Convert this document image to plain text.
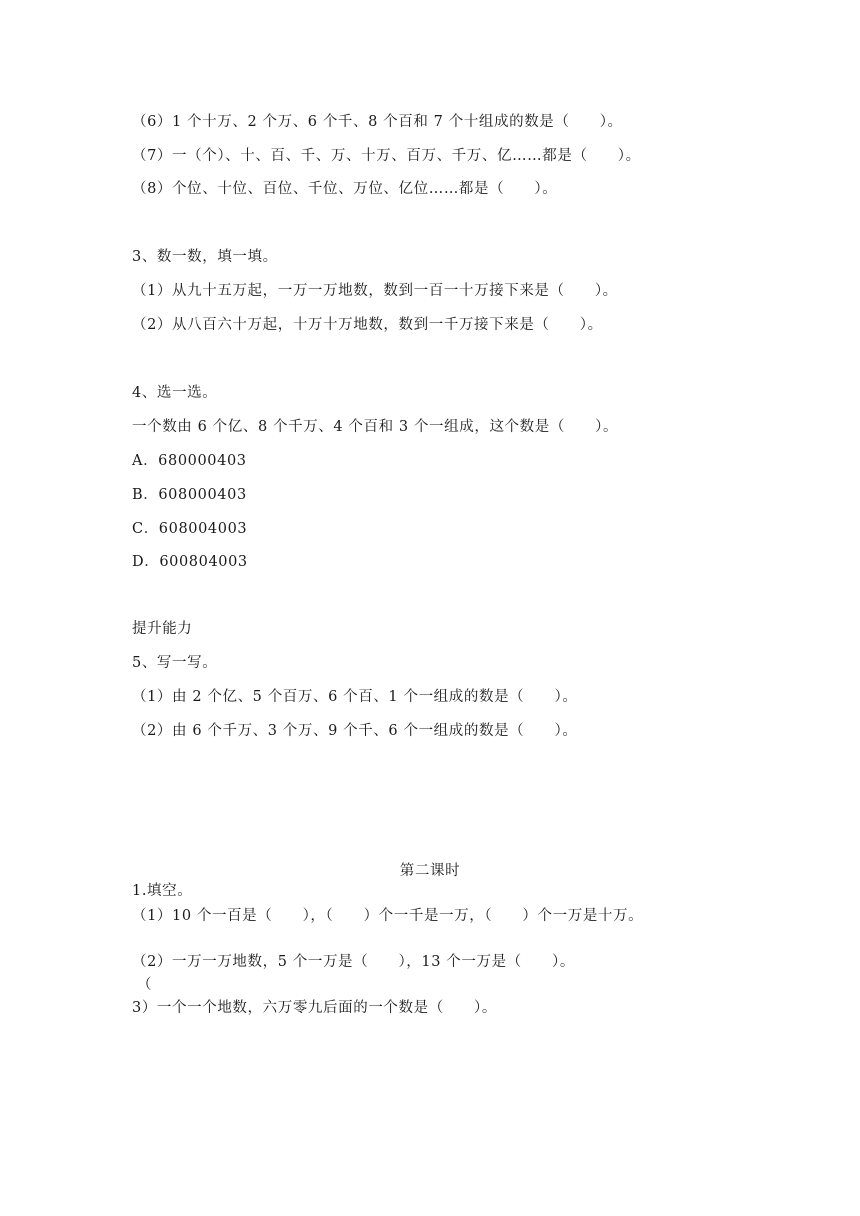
（6）1 个十万、2 个万、6 个千、8 个百和 7 个十组成的数是（　　）。
（7）一（个）、十、百、千、万、十万、百万、千万、亿……都是（　　）。
（8）个位、十位、百位、千位、万位、亿位……都是（　　）。
3、数一数，填一填。
（1）从九十五万起，一万一万地数，数到一百一十万接下来是（　　）。
（2）从八百六十万起，十万十万地数，数到一千万接下来是（　　）。
4、选一选。
一个数由 6 个亿、8 个千万、4 个百和 3 个一组成，这个数是（　　）。
A．680000403
B．608000403
C．608004003
D．600804003
提升能力
5、写一写。
（1）由 2 个亿、5 个百万、6 个百、1 个一组成的数是（　　）。
（2）由 6 个千万、3 个万、9 个千、6 个一组成的数是（　　）。
第二课时
1.填空。
（1）10 个一百是（　　），（　　）个一千是一万，（　　）个一万是十万。
（2）一万一万地数，5 个一万是（　　），13 个一万是（　　）。
（
3）一个一个地数，六万零九后面的一个数是（　　）。
